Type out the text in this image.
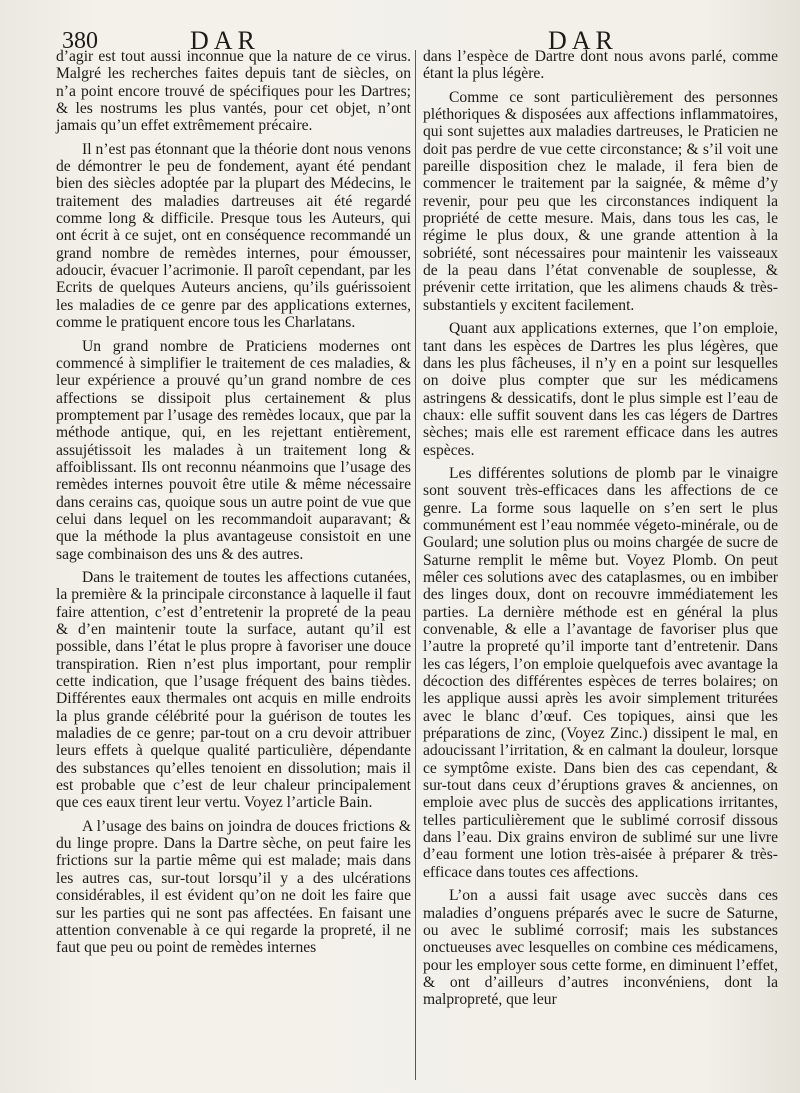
380	DAR	DAR

d’agir est tout aussi inconnue que la nature de ce virus. Malgré les recherches faites depuis tant de siècles, on n’a point encore trouvé de spécifiques pour les Dartres; & les nostrums les plus vantés, pour cet objet, n’ont jamais qu’un effet extrêmement précaire.

Il n’est pas étonnant que la théorie dont nous venons de démontrer le peu de fondement, ayant été pendant bien des siècles adoptée par la plupart des Médecins, le traitement des maladies dartreuses ait été regardé comme long & difficile. Presque tous les Auteurs, qui ont écrit à ce sujet, ont en conséquence recommandé un grand nombre de remèdes internes, pour émousser, adoucir, évacuer l’acrimonie. Il paroît cependant, par les Ecrits de quelques Auteurs anciens, qu’ils guérissoient les maladies de ce genre par des applications externes, comme le pratiquent encore tous les Charlatans.

Un grand nombre de Praticiens modernes ont commencé à simplifier le traitement de ces maladies, & leur expérience a prouvé qu’un grand nombre de ces affections se dissipoit plus certainement & plus promptement par l’usage des remèdes locaux, que par la méthode antique, qui, en les rejettant entièrement, assujétissoit les malades à un traitement long & affoiblissant. Ils ont reconnu néanmoins que l’usage des remèdes internes pouvoit être utile & même nécessaire dans cerains cas, quoique sous un autre point de vue que celui dans lequel on les recommandoit auparavant; & que la méthode la plus avantageuse consistoit en une sage combinaison des uns & des autres.

Dans le traitement de toutes les affections cutanées, la première & la principale circonstance à laquelle il faut faire attention, c’est d’entretenir la propreté de la peau & d’en maintenir toute la surface, autant qu’il est possible, dans l’état le plus propre à favoriser une douce transpiration. Rien n’est plus important, pour remplir cette indication, que l’usage fréquent des bains tièdes. Différentes eaux thermales ont acquis en mille endroits la plus grande célébrité pour la guérison de toutes les maladies de ce genre; par-tout on a cru devoir attribuer leurs effets à quelque qualité particulière, dépendante des substances qu’elles tenoient en dissolution; mais il est probable que c’est de leur chaleur principalement que ces eaux tirent leur vertu. Voyez l’article Bain.

A l’usage des bains on joindra de douces frictions & du linge propre. Dans la Dartre sèche, on peut faire les frictions sur la partie même qui est malade; mais dans les autres cas, sur-tout lorsqu’il y a des ulcérations considérables, il est évident qu’on ne doit les faire que sur les parties qui ne sont pas affectées. En faisant une attention convenable à ce qui regarde la propreté, il ne faut que peu ou point de remèdes internes

dans l’espèce de Dartre dont nous avons parlé, comme étant la plus légère.

Comme ce sont particulièrement des personnes pléthoriques & disposées aux affections inflammatoires, qui sont sujettes aux maladies dartreuses, le Praticien ne doit pas perdre de vue cette circonstance; & s’il voit une pareille disposition chez le malade, il fera bien de commencer le traitement par la saignée, & même d’y revenir, pour peu que les circonstances indiquent la propriété de cette mesure. Mais, dans tous les cas, le régime le plus doux, & une grande attention à la sobriété, sont nécessaires pour maintenir les vaisseaux de la peau dans l’état convenable de souplesse, & prévenir cette irritation, que les alimens chauds & très-substantiels y excitent facilement.

Quant aux applications externes, que l’on emploie, tant dans les espèces de Dartres les plus légères, que dans les plus fâcheuses, il n’y en a point sur lesquelles on doive plus compter que sur les médicamens astringens & dessicatifs, dont le plus simple est l’eau de chaux: elle suffit souvent dans les cas légers de Dartres sèches; mais elle est rarement efficace dans les autres espèces.

Les différentes solutions de plomb par le vinaigre sont souvent très-efficaces dans les affections de ce genre. La forme sous laquelle on s’en sert le plus communément est l’eau nommée végeto-minérale, ou de Goulard; une solution plus ou moins chargée de sucre de Saturne remplit le même but. Voyez Plomb. On peut mêler ces solutions avec des cataplasmes, ou en imbiber des linges doux, dont on recouvre immédiatement les parties. La dernière méthode est en général la plus convenable, & elle a l’avantage de favoriser plus que l’autre la propreté qu’il importe tant d’entretenir. Dans les cas légers, l’on emploie quelquefois avec avantage la décoction des différentes espèces de terres bolaires; on les applique aussi après les avoir simplement triturées avec le blanc d’œuf. Ces topiques, ainsi que les préparations de zinc, (Voyez Zinc.) dissipent le mal, en adoucissant l’irritation, & en calmant la douleur, lorsque ce symptôme existe. Dans bien des cas cependant, & sur-tout dans ceux d’éruptions graves & anciennes, on emploie avec plus de succès des applications irritantes, telles particulièrement que le sublimé corrosif dissous dans l’eau. Dix grains environ de sublimé sur une livre d’eau forment une lotion très-aisée à préparer & très-efficace dans toutes ces affections.

L’on a aussi fait usage avec succès dans ces maladies d’onguens préparés avec le sucre de Saturne, ou avec le sublimé corrosif; mais les substances onctueuses avec lesquelles on combine ces médicamens, pour les employer sous cette forme, en diminuent l’effet, & ont d’ailleurs d’autres inconvéniens, dont la malpropreté, que leur
